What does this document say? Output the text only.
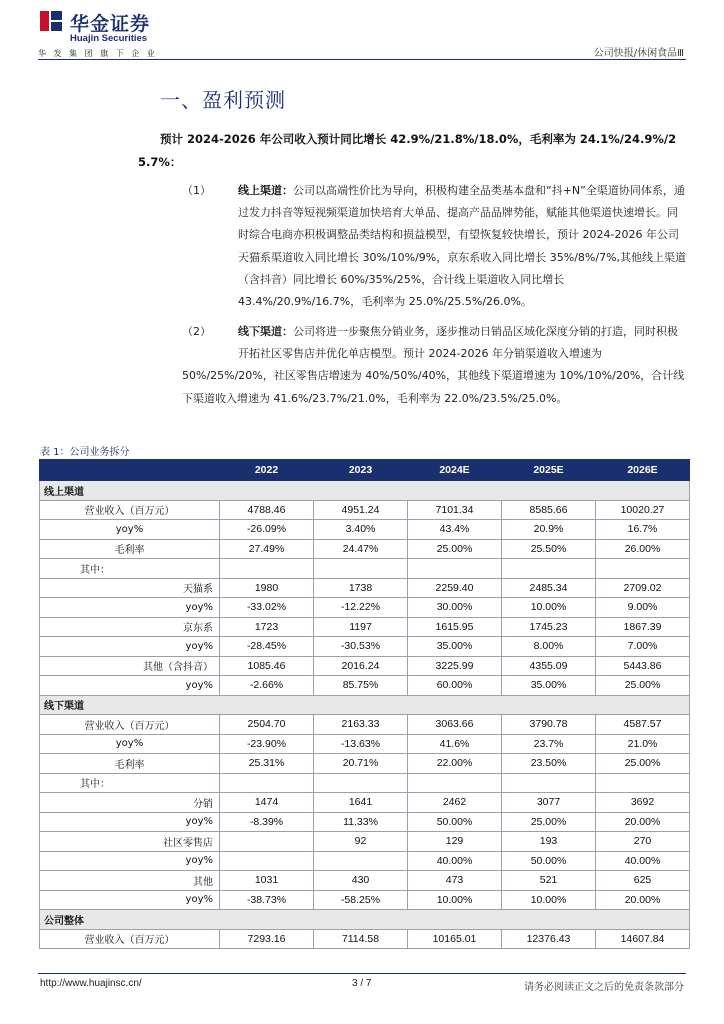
华金证券
Huajin Securities
华 发 集 团 旗 下 企 业	公司快报/休闲食品Ⅲ
一、盈利预测
预计 2024-2026 年公司收入预计同比增长 42.9%/21.8%/18.0%，毛利率为 24.1%/24.9%/2
5.7%：
（1） 线上渠道：公司以高端性价比为导向，积极构建全品类基本盘和“抖+N”全渠道协同体系，通过发力抖音等短视频渠道加快培育大单品、提高产品品牌势能，赋能其他渠道快速增长。同时综合电商亦积极调整品类结构和损益模型，有望恢复较快增长，预计 2024-2026 年公司天猫系渠道收入同比增长 30%/10%/9%，京东系收入同比增长 35%/8%/7%,其他线上渠道（含抖音）同比增长 60%/35%/25%，合计线上渠道收入同比增长 43.4%/20.9%/16.7%，毛利率为 25.0%/25.5%/26.0%。
（2） 线下渠道：公司将进一步聚焦分销业务，逐步推动日销品区域化深度分销的打造，同时积极开拓社区零售店并优化单店模型。预计 2024-2026 年分销渠道收入增速为
50%/25%/20%，社区零售店增速为 40%/50%/40%，其他线下渠道增速为 10%/10%/20%，合计线下渠道收入增速为 41.6%/23.7%/21.0%，毛利率为 22.0%/23.5%/25.0%。
表 1：公司业务拆分
	2022	2023	2024E	2025E	2026E
线上渠道					
营业收入（百万元）	4788.46	4951.24	7101.34	8585.66	10020.27
yoy%	-26.09%	3.40%	43.4%	20.9%	16.7%
毛利率	27.49%	24.47%	25.00%	25.50%	26.00%
其中：					
天猫系	1980	1738	2259.40	2485.34	2709.02
yoy%	-33.02%	-12.22%	30.00%	10.00%	9.00%
京东系	1723	1197	1615.95	1745.23	1867.39
yoy%	-28.45%	-30.53%	35.00%	8.00%	7.00%
其他（含抖音）	1085.46	2016.24	3225.99	4355.09	5443.86
yoy%	-2.66%	85.75%	60.00%	35.00%	25.00%
线下渠道					
营业收入（百万元）	2504.70	2163.33	3063.66	3790.78	4587.57
yoy%	-23.90%	-13.63%	41.6%	23.7%	21.0%
毛利率	25.31%	20.71%	22.00%	23.50%	25.00%
其中：					
分销	1474	1641	2462	3077	3692
yoy%	-8.39%	11.33%	50.00%	25.00%	20.00%
社区零售店		92	129	193	270
yoy%			40.00%	50.00%	40.00%
其他	1031	430	473	521	625
yoy%	-38.73%	-58.25%	10.00%	10.00%	20.00%
公司整体					
营业收入（百万元）	7293.16	7114.58	10165.01	12376.43	14607.84
http://www.huajinsc.cn/	3 / 7	请务必阅读正文之后的免责条款部分
